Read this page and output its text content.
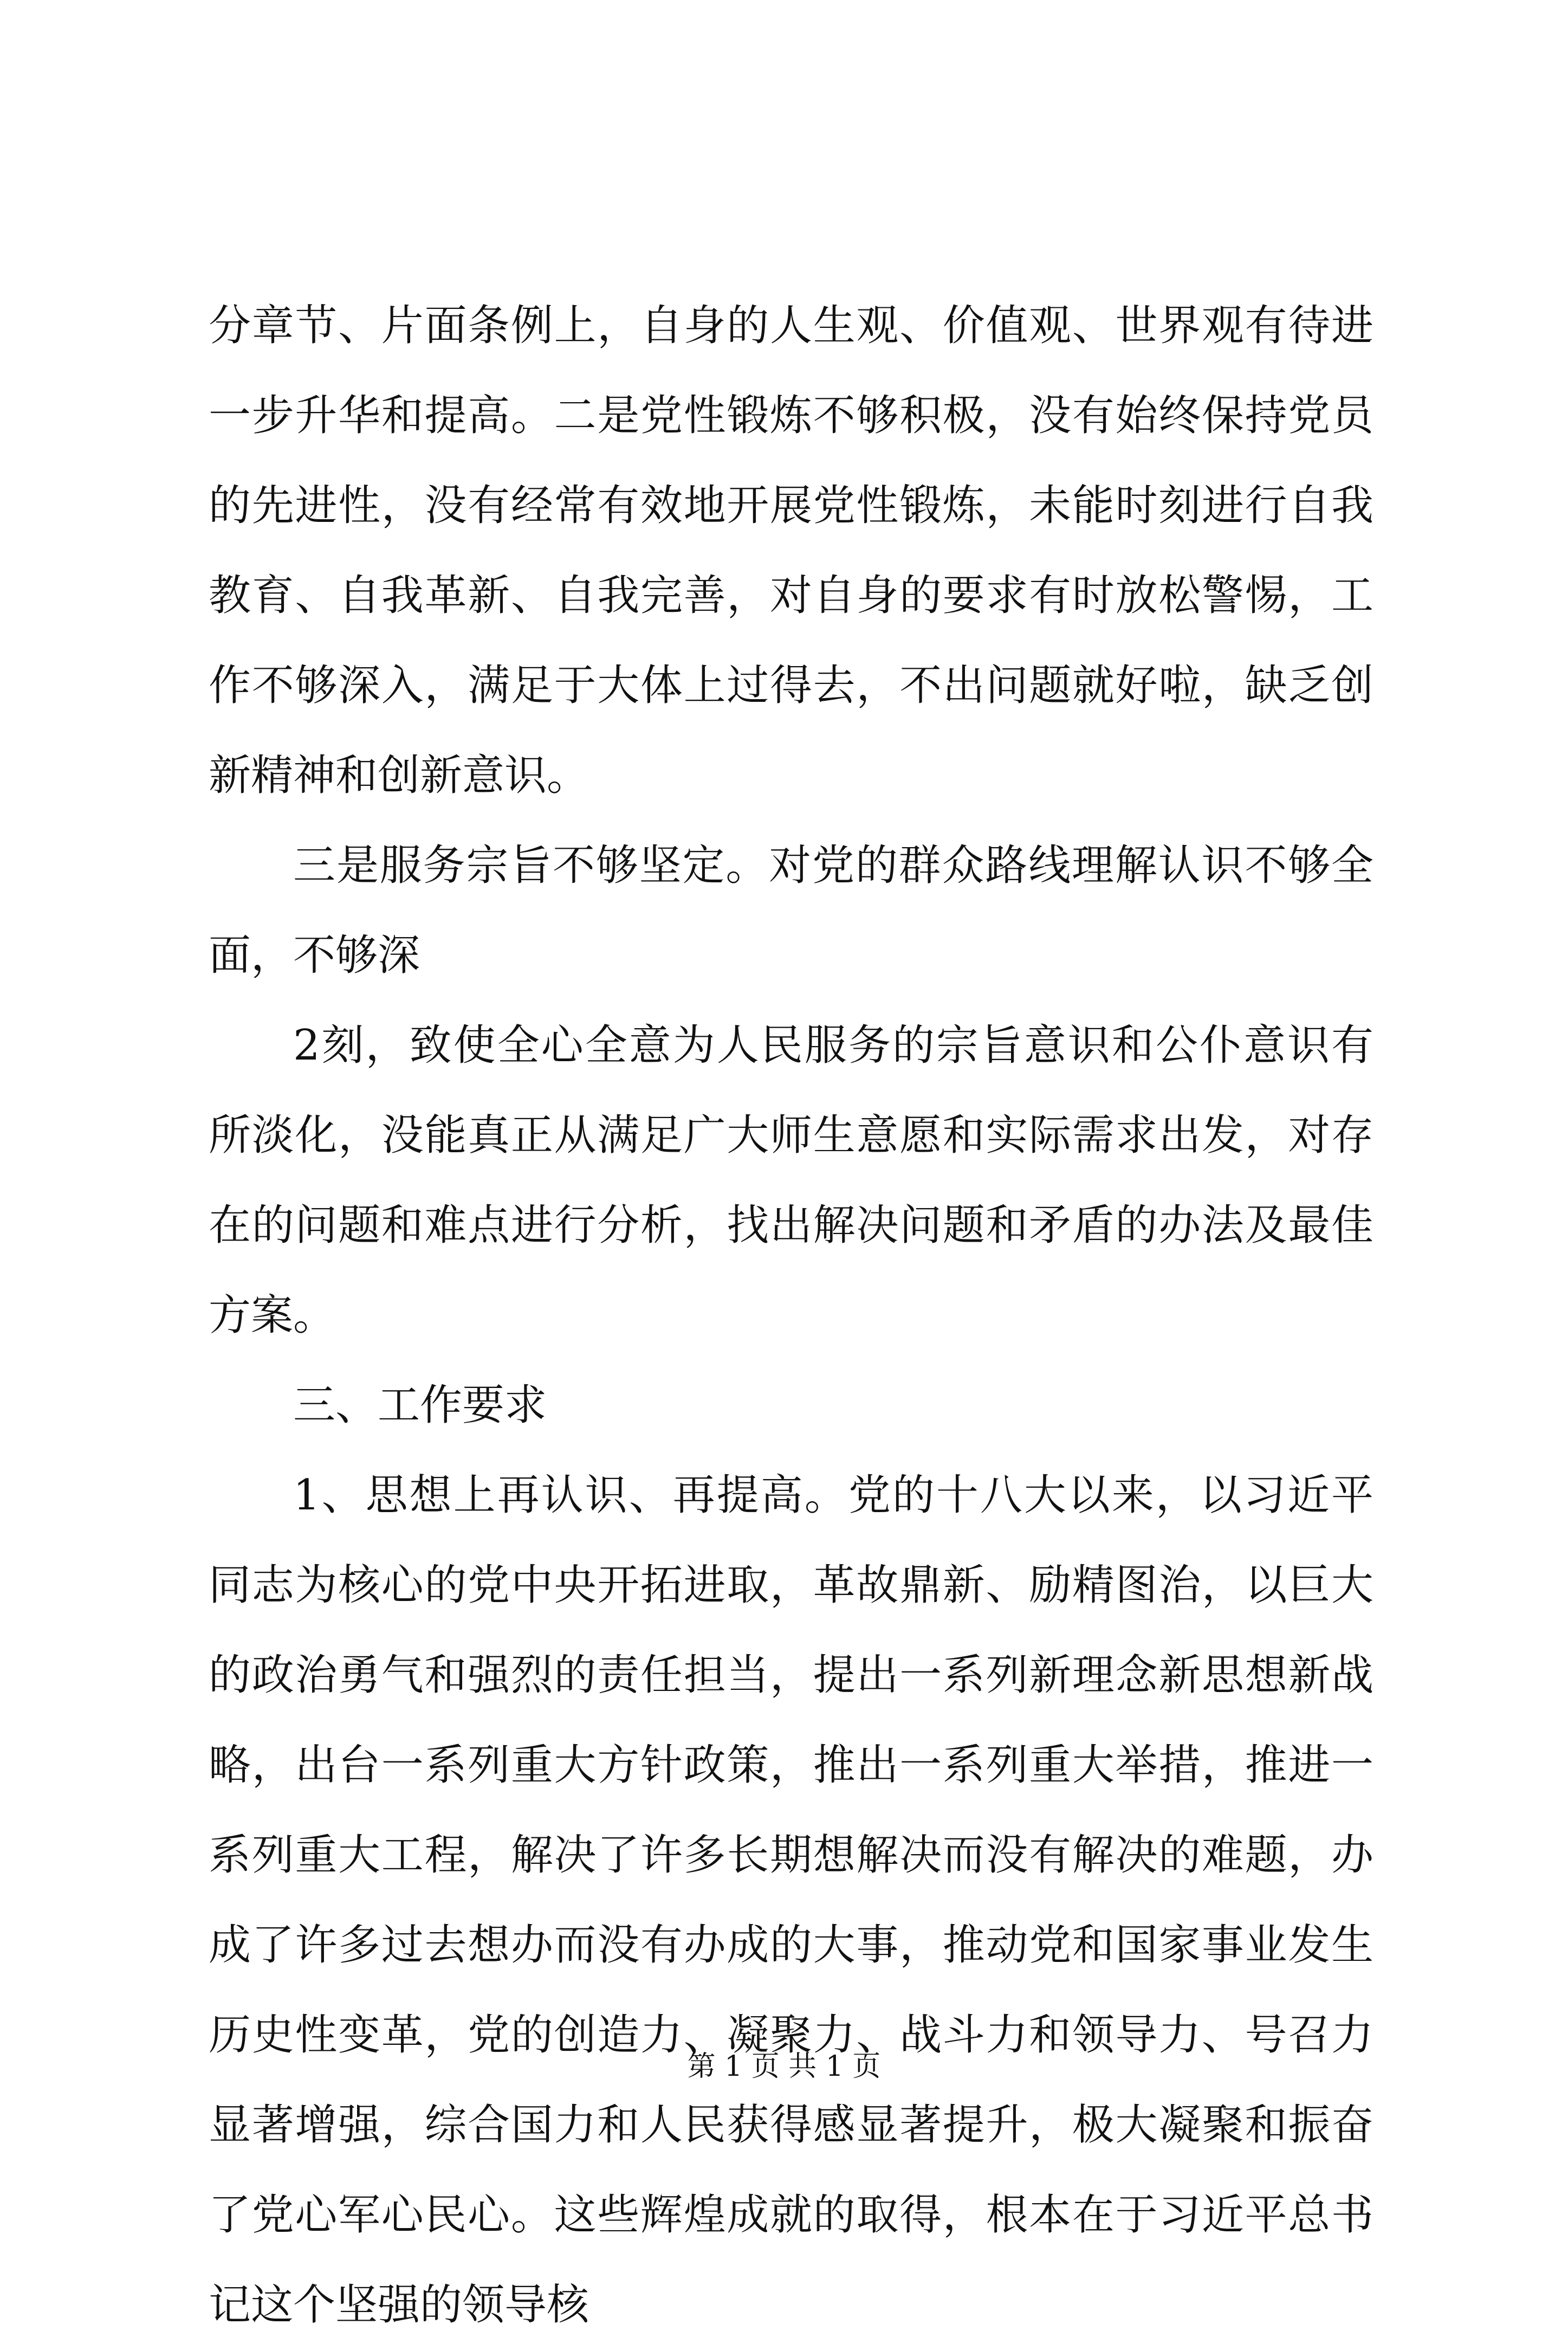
分章节、片面条例上，自身的人生观、价值观、世界观有待进一步升华和提高。二是党性锻炼不够积极，没有始终保持党员的先进性，没有经常有效地开展党性锻炼，未能时刻进行自我教育、自我革新、自我完善，对自身的要求有时放松警惕，工作不够深入，满足于大体上过得去，不出问题就好啦，缺乏创新精神和创新意识。

三是服务宗旨不够坚定。对党的群众路线理解认识不够全面，不够深

2刻，致使全心全意为人民服务的宗旨意识和公仆意识有所淡化，没能真正从满足广大师生意愿和实际需求出发，对存在的问题和难点进行分析，找出解决问题和矛盾的办法及最佳方案。

三、工作要求

1、思想上再认识、再提高。党的十八大以来，以习近平同志为核心的党中央开拓进取，革故鼎新、励精图治，以巨大的政治勇气和强烈的责任担当，提出一系列新理念新思想新战略，出台一系列重大方针政策，推出一系列重大举措，推进一系列重大工程，解决了许多长期想解决而没有解决的难题，办成了许多过去想办而没有办成的大事，推动党和国家事业发生历史性变革，党的创造力、凝聚力、战斗力和领导力、号召力显著增强，综合国力和人民获得感显著提升，极大凝聚和振奋了党心军心民心。这些辉煌成就的取得，根本在于习近平总书记这个坚强的领导核

第 1 页 共 1 页
